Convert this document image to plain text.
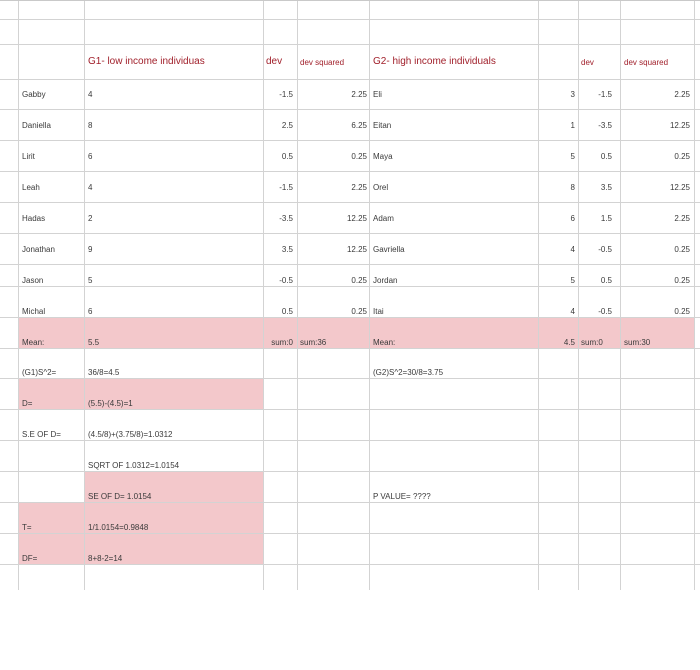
G1- low income individuas	dev dev squared	G2- high income individuals	dev	dev squared
Gabby	4	-1.5	2.25 Eli	3	-1.5	2.25
Daniella	8	2.5	6.25 Eitan	1	-3.5	12.25
Lirit	6	0.5	0.25 Maya	5	0.5	0.25
Leah	4	-1.5	2.25 Orel	8	3.5	12.25
Hadas	2	-3.5	12.25 Adam	6	1.5	2.25
Jonathan	9	3.5	12.25 Gavriella	4	-0.5	0.25
Jason	5	-0.5	0.25 Jordan	5	0.5	0.25
Michal	6	0.5	0.25 Itai	4	-0.5	0.25
Mean:	5.5	sum:0 sum:36	Mean:	4.5 sum:0	sum:30
(G1)S^2=	36/8=4.5	(G2)S^2=30/8=3.75
D=	(5.5)-(4.5)=1
S.E OF D=	(4.5/8)+(3.75/8)=1.0312
SQRT OF 1.0312=1.0154
SE OF D= 1.0154	P VALUE= ????
T=	1/1.0154=0.9848
DF=	8+8-2=14
